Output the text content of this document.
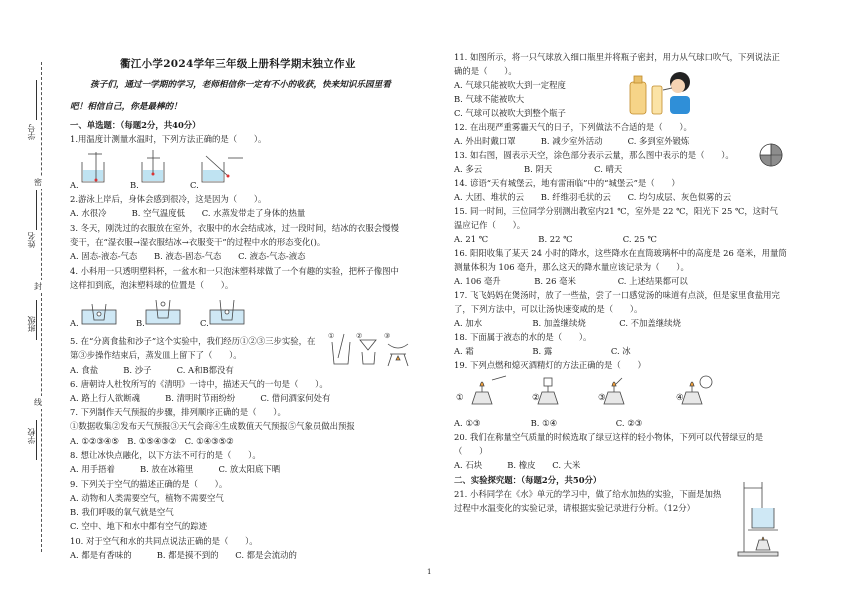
学号
姓名
班级
学校
密
封
线
衢江小学2024学年三年级上册科学期末独立作业
孩子们，通过一学期的学习，老师相信你一定有不小的收获，快来知识乐园里看
吧！相信自己，你是最棒的！
一、单选题：（每题2分，共40分）
1.用温度计测量水温时，下列方法正确的是（　　）。
A.	B.	C.
2.游泳上岸后，身体会感到很冷，这是因为（　　）。
A. 水很冷　　　B. 空气温度低　　C. 水蒸发带走了身体的热量
3. 冬天，刚洗过的衣服放在室外，衣服中的水会结成冰，过一段时间，结冰的衣服会慢慢
变干，在“湿衣服→湿衣服结冰→衣服变干”的过程中水的形态变化()。
A. 固态-液态-气态　　B. 液态-固态-气态　　C. 液态-气态-液态
4. 小科用一只透明塑料杯，一盆水和一只泡沫塑料球做了一个有趣的实验，把杯子像图中
这样扣到底，泡沫塑料球的位置是（　　）。
A.	B.	C.
5. 在“分离食盐和沙子”这个实验中，我们经历①②③三步实验，在
第③步操作结束后，蒸发皿上留下了（　　）。
A. 食盐　　　B. 沙子　　　C. A和B都没有
6. 唐朝诗人杜牧所写的《清明》一诗中，描述天气的一句是（　　）。
A. 路上行人欲断魂　　　B. 清明时节雨纷纷　　　C. 借问酒家何处有
7. 下列制作天气预报的步骤，排列顺序正确的是（　　）。
①数据收集②发布天气预报③天气会商④生成数值天气预报⑤气象员做出预报
A. ①②③④⑤　B. ①⑤④③②　C. ①④③⑤②
8. 想让冰快点融化，以下方法不可行的是（　　）。
A. 用手捂着　　　B. 放在冰箱里　　　C. 放太阳底下晒
9. 下列关于空气的描述正确的是（　　）。
A. 动物和人类需要空气，植物不需要空气
B. 我们呼吸的氧气就是空气
C. 空中、地下和水中都有空气的踪迹
10. 对于空气和水的共同点说法正确的是（　　）。
A. 都是有香味的　　　B. 都是摸不到的　　C. 都是会流动的
①	②	③
11. 如图所示，将一只气球放入细口瓶里并将瓶子密封，用力从气球口吹气，下列说法正
确的是（　　）。
A. 气球只能被吹大到一定程度
B. 气球不能被吹大
C. 气球可以被吹大到整个瓶子
12. 在出现严重雾霾天气的日子，下列做法不合适的是（　　）。
A. 外出时戴口罩　　　B. 减少室外活动　　　C. 多到室外锻炼
13. 如右图，圆表示天空，涂色部分表示云量，那么图中表示的是（　　）。
A. 多云　　　　　B. 阴天　　　　　C. 晴天
14. 谚语“天有城堡云，地有雷雨临”中的“城堡云”是（　　）
A. 大团、堆状的云　　B. 纤维羽毛状的云　　C. 均匀成层、灰色似雾的云
15. 同一时间，三位同学分别测出教室内21 ℃，室外是 22 ℃，阳光下 25 ℃，这时气
温应记作（　　）。
A. 21 ℃　　　　　　B. 22 ℃　　　　　　C. 25 ℃
16. 阳阳收集了某天 24 小时的降水，这些降水在直筒玻璃杯中的高度是 26 毫米，用量筒
测量体积为 106 毫升，那么这天的降水量应该记录为（　　）。
A. 106 毫升　　　　B. 26 毫米　　　　　C. 上述结果都可以
17. 飞飞妈妈在煲汤时，放了一些盐，尝了一口感觉汤的味道有点淡，但是家里食盐用完
了，下列方法中，可以让汤快速变咸的是（　　）。
A. 加水　　　　　　B. 加盖继续烧　　　　C. 不加盖继续烧
18. 下面属于液态的水的是（　　）。
A. 霜　　　　　　　B. 露　　　　　　　C. 冰
19. 下列点燃和熄灭酒精灯的方法正确的是（　　）
①	②	③	④
A. ①③　　　　　　B. ①④　　　　　　　C. ②③
20. 我们在称量空气质量的时候选取了绿豆这样的轻小物体，下列可以代替绿豆的是
（　　）
A. 石块　　　B. 橡皮　　C. 大米
二、实验探究题：（每题2分，共50分）
21. 小科同学在《水》单元的学习中，做了给水加热的实验，下面是加热
过程中水温变化的实验记录，请根据实验记录进行分析。（12分）
1
